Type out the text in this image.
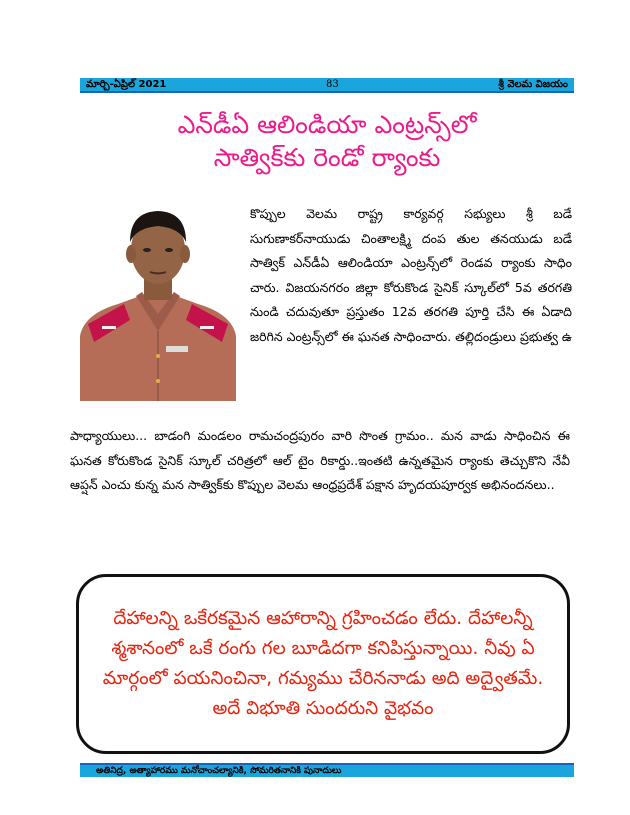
మార్చి-ఏప్రిల్ 2021	83	శ్రీ వెలమ విజయం
ఎన్‌డీఏ ఆలిండియా ఎంట్రన్స్‌లో
సాత్విక్‌కు రెండో ర్యాంకు

కొప్పుల వెలమ రాష్ట్ర కార్యవర్గ సభ్యులు శ్రీ బడే సుగుణాకర్‌నాయుడు చింతాలక్ష్మి దంప తుల తనయుడు బడే సాత్విక్ ఎన్‌డీఏ ఆలిండియా ఎంట్రన్స్‌లో రెండవ ర్యాంకు సాధిం చారు. విజయనగరం జిల్లా కోరుకొండ సైనిక్ స్కూల్‌లో 5వ తరగతి నుండి చదువుతూ ప్రస్తుతం 12వ తరగతి పూర్తి చేసి ఈ ఏడాది జరిగిన ఎంట్రన్స్‌లో ఈ ఘనత సాధించారు. తల్లిదండ్రులు ప్రభుత్వ ఉ

పాధ్యాయులు... బాడంగి మండలం రామచంద్రపురం వారి సొంత గ్రామం.. మన వాడు సాధించిన ఈ ఘనత కోరుకొండ సైనిక్ స్కూల్ చరిత్రలో ఆల్ టైం రికార్డు..ఇంతటి ఉన్నతమైన ర్యాంకు తెచ్చుకొని నేవీ ఆప్షన్ ఎంచు కున్న మన సాత్విక్‌కు కొప్పుల వెలమ ఆంధ్రప్రదేశ్ పక్షాన హృదయపూర్వక అభినందనలు..

దేహాలన్ని ఒకేరకమైన ఆహారాన్ని గ్రహించడం లేదు. దేహాలన్నీ శ్మశానంలో ఒకే రంగు గల బూడిదగా కనిపిస్తున్నాయి. నీవు ఏ మార్గంలో పయనించినా, గమ్యము చేరిననాడు అది అద్వైతమే. అదే విభూతి సుందరుని వైభవం

అతినిద్ర, అత్యాహారము మనోచాంచల్యానికి, సోమరితనానికి పునాదులు
